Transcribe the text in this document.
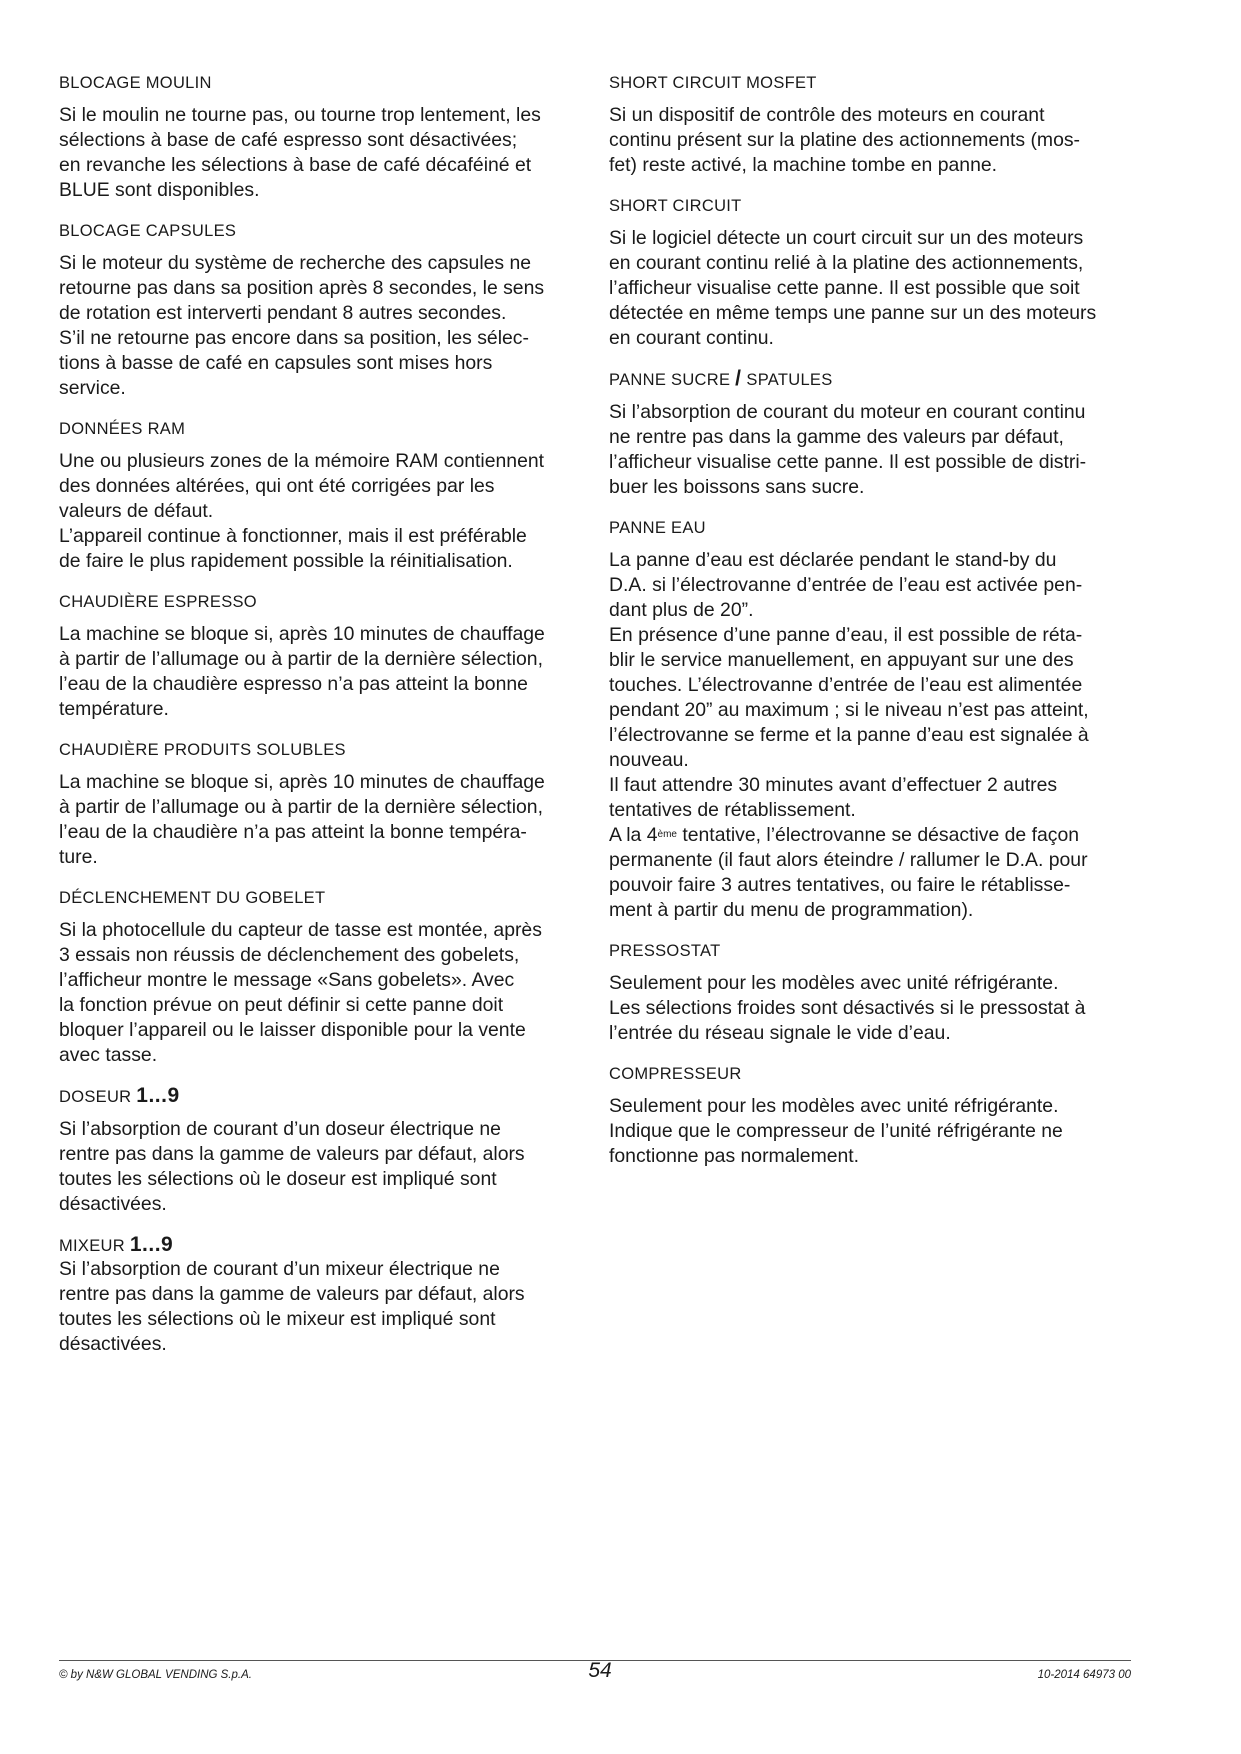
BLOCAGE MOULIN
Si le moulin ne tourne pas, ou tourne trop lentement, les
sélections à base de café espresso sont désactivées;
en revanche les sélections à base de café décaféiné et
BLUE sont disponibles.
BLOCAGE CAPSULES
Si le moteur du système de recherche des capsules ne
retourne pas dans sa position après 8 secondes, le sens
de rotation est interverti pendant 8 autres secondes.
S’il ne retourne pas encore dans sa position, les sélec-
tions à basse de café en capsules sont mises hors
service.
DONNÉES RAM
Une ou plusieurs zones de la mémoire RAM contiennent
des données altérées, qui ont été corrigées par les
valeurs de défaut.
L’appareil continue à fonctionner, mais il est préférable
de faire le plus rapidement possible la réinitialisation.
CHAUDIÈRE ESPRESSO
La machine se bloque si, après 10 minutes de chauffage
à partir de l’allumage ou à partir de la dernière sélection,
l’eau de la chaudière espresso n’a pas atteint la bonne
température.
CHAUDIÈRE PRODUITS SOLUBLES
La machine se bloque si, après 10 minutes de chauffage
à partir de l’allumage ou à partir de la dernière sélection,
l’eau de la chaudière n’a pas atteint la bonne tempéra-
ture.
DÉCLENCHEMENT DU GOBELET
Si la photocellule du capteur de tasse est montée, après
3 essais non réussis de déclenchement des gobelets,
l’afficheur montre le message «Sans gobelets». Avec
la fonction prévue on peut définir si cette panne doit
bloquer l’appareil ou le laisser disponible pour la vente
avec tasse.
DOSEUR 1...9
Si l’absorption de courant d’un doseur électrique ne
rentre pas dans la gamme de valeurs par défaut, alors
toutes les sélections où le doseur est impliqué sont
désactivées.
MIXEUR 1...9
Si l’absorption de courant d’un mixeur électrique ne
rentre pas dans la gamme de valeurs par défaut, alors
toutes les sélections où le mixeur est impliqué sont
désactivées.
SHORT CIRCUIT MOSFET
Si un dispositif de contrôle des moteurs en courant
continu présent sur la platine des actionnements (mos-
fet) reste activé, la machine tombe en panne.
SHORT CIRCUIT
Si le logiciel détecte un court circuit sur un des moteurs
en courant continu relié à la platine des actionnements,
l’afficheur visualise cette panne. Il est possible que soit
détectée en même temps une panne sur un des moteurs
en courant continu.
PANNE SUCRE / SPATULES
Si l’absorption de courant du moteur en courant continu
ne rentre pas dans la gamme des valeurs par défaut,
l’afficheur visualise cette panne. Il est possible de distri-
buer les boissons sans sucre.
PANNE EAU
La panne d’eau est déclarée pendant le stand-by du
D.A. si l’électrovanne d’entrée de l’eau est activée pen-
dant plus de 20”.
En présence d’une panne d’eau, il est possible de réta-
blir le service manuellement, en appuyant sur une des
touches. L’électrovanne d’entrée de l’eau est alimentée
pendant 20” au maximum ; si le niveau n’est pas atteint,
l’électrovanne se ferme et la panne d’eau est signalée à
nouveau.
Il faut attendre 30 minutes avant d’effectuer 2 autres
tentatives de rétablissement.
A la 4ème tentative, l’électrovanne se désactive de façon
permanente (il faut alors éteindre / rallumer le D.A. pour
pouvoir faire 3 autres tentatives, ou faire le rétablisse-
ment à partir du menu de programmation).
PRESSOSTAT
Seulement pour les modèles avec unité réfrigérante.
Les sélections froides sont désactivés si le pressostat à
l’entrée du réseau signale le vide d’eau.
COMPRESSEUR
Seulement pour les modèles avec unité réfrigérante.
Indique que le compresseur de l’unité réfrigérante ne
fonctionne pas normalement.
© by N&W GLOBAL VENDING S.p.A.	54	10-2014 64973 00
